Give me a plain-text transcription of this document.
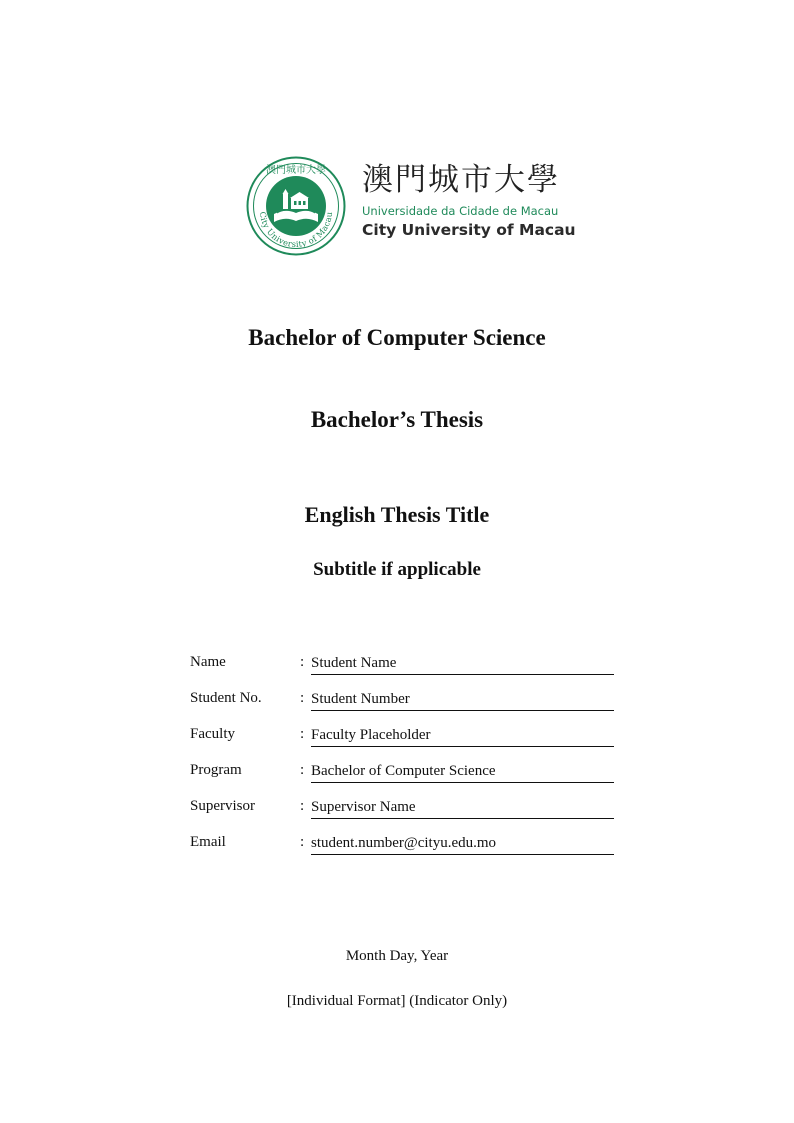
澳門城市大學
City University of Macau
澳門城市大學
Universidade da Cidade de Macau
City University of Macau
Bachelor of Computer Science
Bachelor’s Thesis
English Thesis Title
Subtitle if applicable
Name	: Student Name
Student No.	: Student Number
Faculty	: Faculty Placeholder
Program	: Bachelor of Computer Science
Supervisor	: Supervisor Name
Email	: student.number@cityu.edu.mo
Month Day, Year
[Individual Format] (Indicator Only)
